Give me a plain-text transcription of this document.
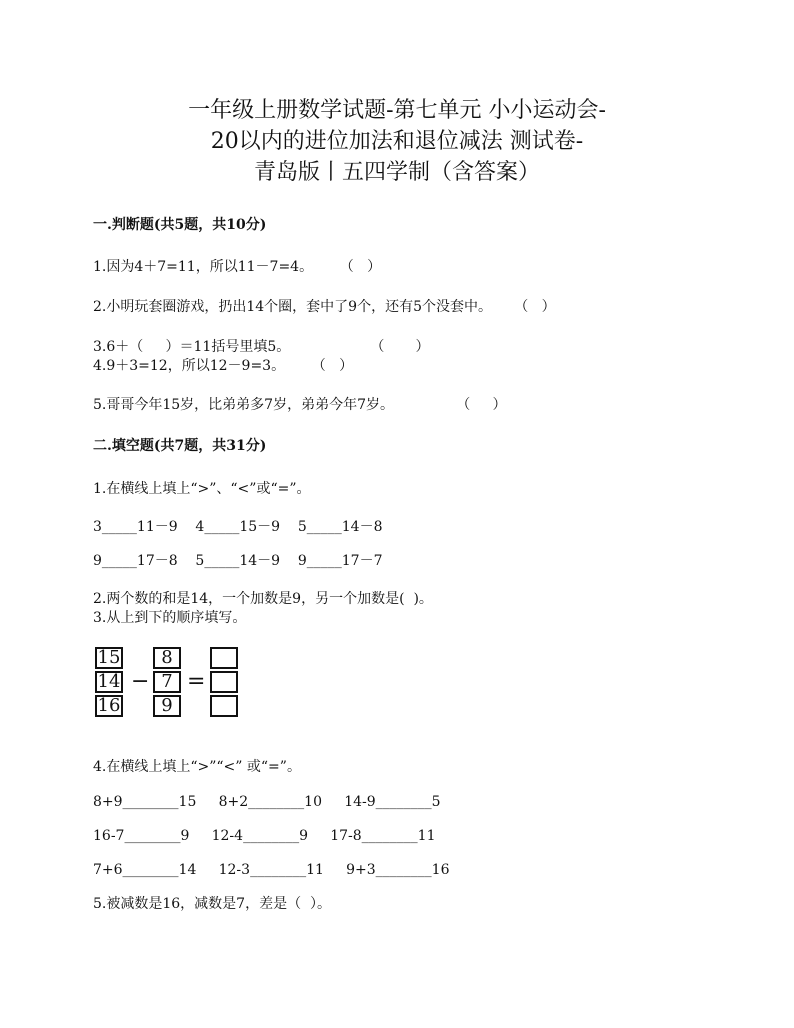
一年级上册数学试题-第七单元 小小运动会-
20以内的进位加法和退位减法 测试卷-
青岛版丨五四学制（含答案）
一.判断题(共5题，共10分)
1.因为4＋7=11，所以11－7=4。      （   ）
2.小明玩套圈游戏，扔出14个圈，套中了9个，还有5个没套中。     （   ）
3.6＋（     ）＝11括号里填5。                  （       ）
4.9＋3=12，所以12－9=3。      （   ）
5.哥哥今年15岁，比弟弟多7岁，弟弟今年7岁。              （     ）
二.填空题(共7题，共31分)
1.在横线上填上“>”、“<”或“=”。
3_____11－9    4_____15－9    5_____14－8
9_____17－8    5_____14－9    9_____17－7
2.两个数的和是14，一个加数是9，另一个加数是(  )。
3.从上到下的顺序填写。
15
14
16
−
8
7
9
=
4.在横线上填上“>”“<” 或“=”。
8+9________15     8+2________10     14-9________5
16-7________9     12-4________9     17-8________11
7+6________14     12-3________11     9+3________16
5.被减数是16，减数是7，差是（  ）。
